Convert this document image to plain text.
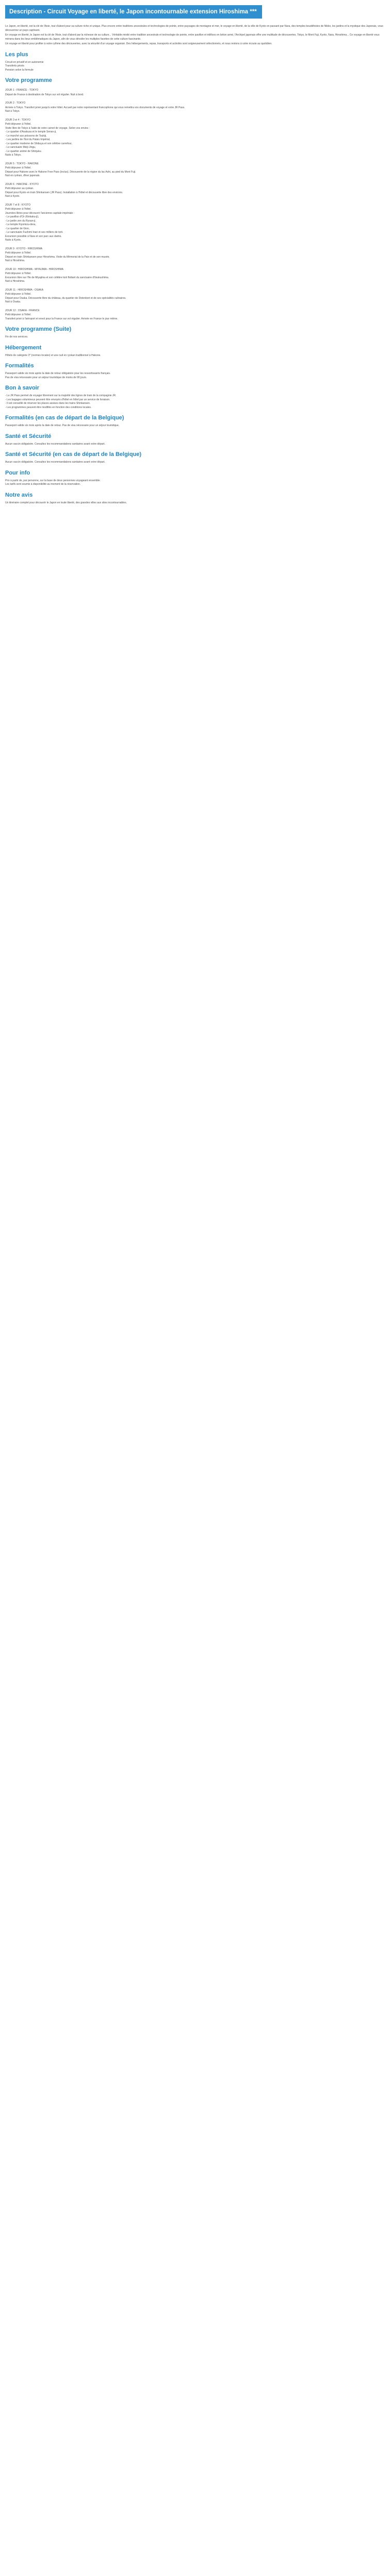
Description - Circuit Voyage en liberté, le Japon incontournable extension Hiroshima ***

Le Japon, en liberté, est la clé de l'Asie, tout d'abord pour sa culture riche et unique. Plus encore entre traditions ancestrales et technologies de pointe, entre paysages de montagne et mer, le voyage en liberté, de la ville de Kyoto en passant par Nara, des temples bouddhistes de Nikko, les jardins et la mystique des Japonais, vous découvrirez un pays captivant.

En voyage en liberté, le Japon est la clé de l'Asie, tout d'abord par la richesse de sa culture... Véritable mixité entre tradition ancestrale et technologie de pointe, entre pavillon et édifices en béton armé, l'Archipel japonais offre une multitude de découvertes. Tokyo, le Mont Fuji, Kyoto, Nara, Hiroshima... Ce voyage en liberté vous mènera dans les lieux emblématiques du Japon, afin de vous dévoiler les multiples facettes de cette culture fascinante.

Un voyage en liberté pour profiter à votre rythme des découvertes, avec la sécurité d'un voyage organisé. Des hébergements, repas, transports et activités sont soigneusement sélectionnés, et nous restons à votre écoute au quotidien.

Les plus

Circuit en privatif et en autonomie

Transferts privés

Pension selon la formule

Votre programme

JOUR 1 : FRANCE - TOKYO

Départ de France à destination de Tokyo sur vol régulier. Nuit à bord.

JOUR 2 : TOKYO

Arrivée à Tokyo. Transfert privé jusqu'à votre hôtel. Accueil par notre représentant francophone qui vous remettra vos documents de voyage et votre JR Pass.

Nuit à Tokyo.

JOUR 3 et 4 : TOKYO

Petit déjeuner à l'hôtel.

Visite libre de Tokyo à l'aide de votre carnet de voyage. Selon vos envies :

- Le quartier d'Asakusa et le temple Senso-ji,

- Le marché aux poissons de Tsukiji,

- Les jardins de l'Est du Palais Impérial,

- Le quartier moderne de Shibuya et son célèbre carrefour,

- Le sanctuaire Meiji Jingu,

- Le quartier animé de Shinjuku.

Nuits à Tokyo.

JOUR 5 : TOKYO - HAKONE

Petit déjeuner à l'hôtel.

Départ pour Hakone avec le Hakone Free Pass (inclus). Découverte de la région du lac Ashi, au pied du Mont Fuji.

Nuit en ryokan, dîner japonais.

JOUR 6 : HAKONE - KYOTO

Petit déjeuner au ryokan.

Départ pour Kyoto en train Shinkansen (JR Pass). Installation à l'hôtel et découverte libre des environs.

Nuit à Kyoto.

JOUR 7 et 8 : KYOTO

Petit déjeuner à l'hôtel.

Journées libres pour découvrir l'ancienne capitale impériale :

- Le pavillon d'Or (Kinkaku-ji),

- Le jardin zen du Ryoan-ji,

- Le temple Kiyomizu-dera,

- Le quartier de Gion,

- Le sanctuaire Fushimi Inari et ses milliers de torii.

Excursion possible à Nara et son parc aux daims.

Nuits à Kyoto.

JOUR 9 : KYOTO - HIROSHIMA

Petit déjeuner à l'hôtel.

Départ en train Shinkansen pour Hiroshima. Visite du Mémorial de la Paix et de son musée.

Nuit à Hiroshima.

JOUR 10 : HIROSHIMA - MIYAJIMA - HIROSHIMA

Petit déjeuner à l'hôtel.

Excursion libre sur l'île de Miyajima et son célèbre torii flottant du sanctuaire d'Itsukushima.

Nuit à Hiroshima.

JOUR 11 : HIROSHIMA - OSAKA

Petit déjeuner à l'hôtel.

Départ pour Osaka. Découverte libre du château, du quartier de Dotonbori et de ses spécialités culinaires.

Nuit à Osaka.

JOUR 12 : OSAKA - FRANCE

Petit déjeuner à l'hôtel.

Transfert privé à l'aéroport et envol pour la France sur vol régulier. Arrivée en France le jour même.

Votre programme (Suite)

Fin de nos services.

Hébergement

Hôtels de catégorie 3* (normes locales) et une nuit en ryokan traditionnel à Hakone.

Formalités

Passeport valide six mois après la date de retour obligatoire pour les ressortissants français.

Pas de visa nécessaire pour un séjour touristique de moins de 90 jours.

Bon à savoir

- Le JR Pass permet de voyager librement sur la majorité des lignes de train de la compagnie JR.

- Les bagages volumineux peuvent être envoyés d'hôtel en hôtel par un service de livraison.

- Il est conseillé de réserver les places assises dans les trains Shinkansen.

- Les programmes peuvent être modifiés en fonction des conditions locales.

Formalités (en cas de départ de la Belgique)

Passeport valide six mois après la date de retour. Pas de visa nécessaire pour un séjour touristique.

Santé et Sécurité

Aucun vaccin obligatoire. Consultez les recommandations sanitaires avant votre départ.

Santé et Sécurité (en cas de départ de la Belgique)

Aucun vaccin obligatoire. Consultez les recommandations sanitaires avant votre départ.

Pour info

Prix à partir de, par personne, sur la base de deux personnes voyageant ensemble.

Les tarifs sont soumis à disponibilité au moment de la réservation.

Notre avis

Un itinéraire complet pour découvrir le Japon en toute liberté, des grandes villes aux sites incontournables.
